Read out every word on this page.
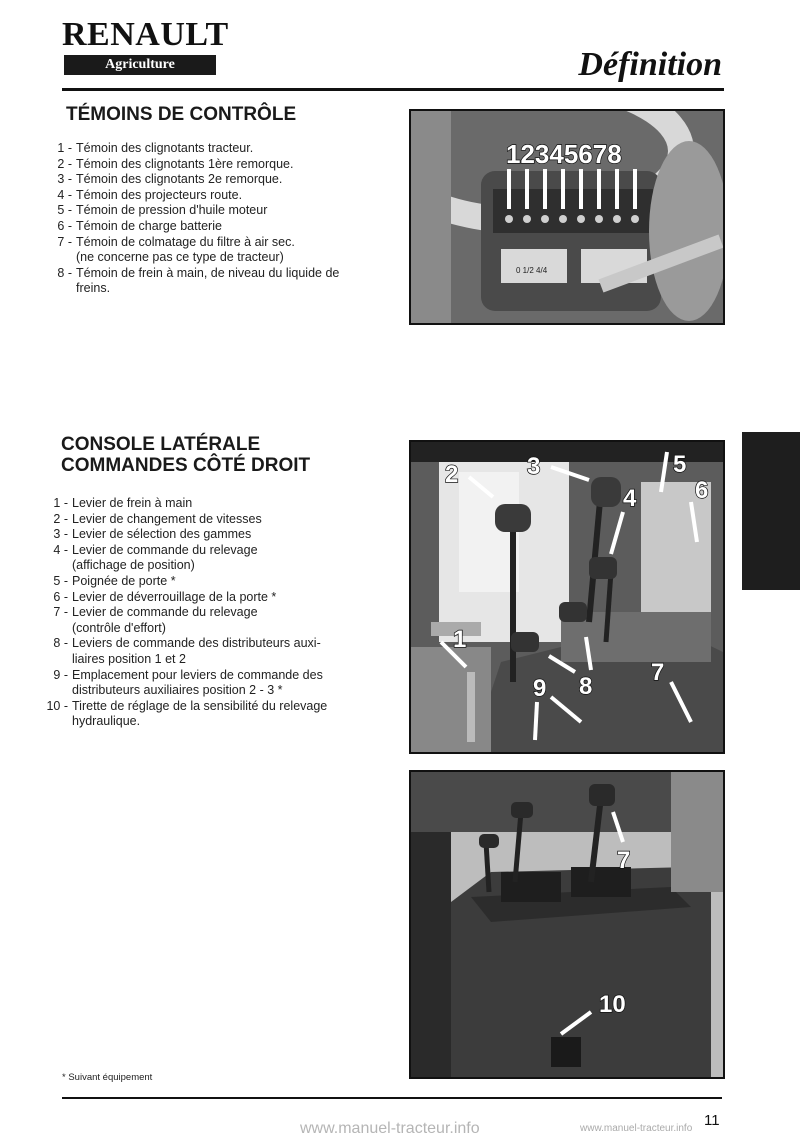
RENAULT
Agriculture	Définition
TÉMOINS DE CONTRÔLE
1 - Témoin des clignotants tracteur.
2 - Témoin des clignotants 1ère remorque.
3 - Témoin des clignotants 2e remorque.
4 - Témoin des projecteurs route.
5 - Témoin de pression d'huile moteur
6 - Témoin de charge batterie
7 - Témoin de colmatage du filtre à air sec.
(ne concerne pas ce type de tracteur)
8 - Témoin de frein à main, de niveau du liquide de
freins.
0 1/2 4/4
12345678
CONSOLE LATÉRALE
COMMANDES CÔTÉ DROIT
1 - Levier de frein à main
2 - Levier de changement de vitesses
3 - Levier de sélection des gammes
4 - Levier de commande du relevage
(affichage de position)
5 - Poignée de porte *
6 - Levier de déverrouillage de la porte *
7 - Levier de commande du relevage
(contrôle d'effort)
8 - Leviers de commande des distributeurs auxi-
liaires position 1 et 2
9 - Emplacement pour leviers de commande des
distributeurs auxiliaires position 2 - 3 *
10 - Tirette de réglage de la sensibilité du relevage
hydraulique.
2	3	5
4 6
1
8
9
7
7
10
* Suivant équipement
www.manuel-tracteur.info	www.manuel-tracteur.info 11
